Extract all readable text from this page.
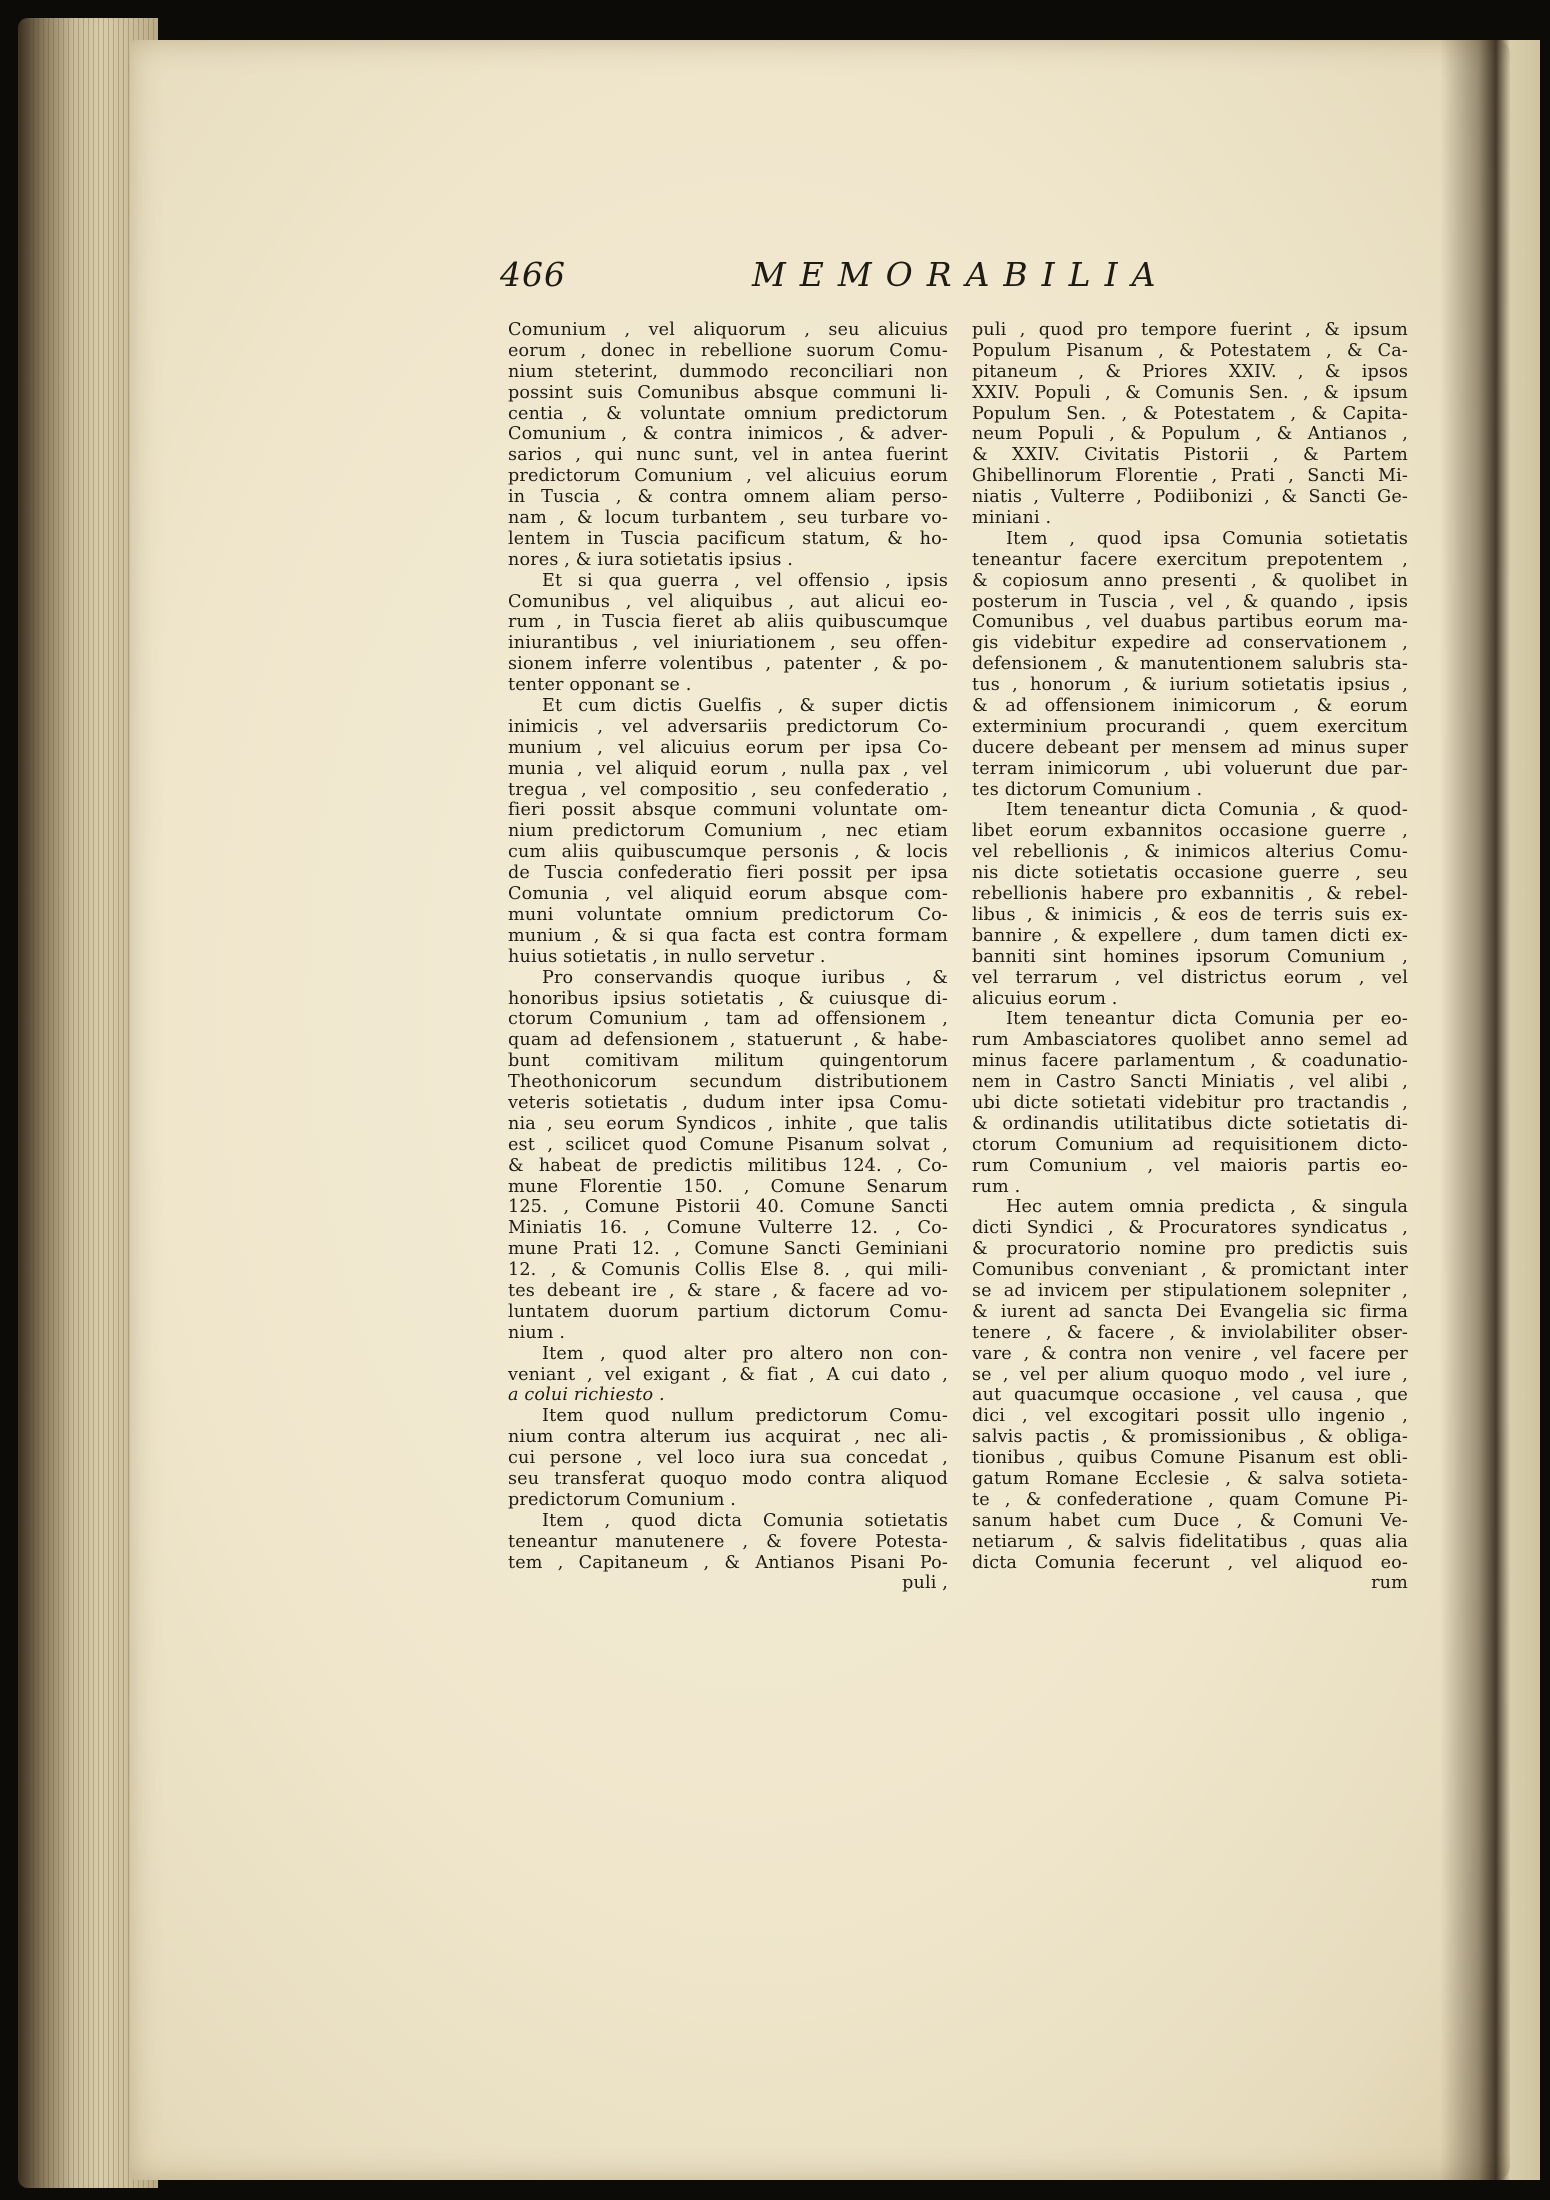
466	MEMORABILIA
Comunium , vel aliquorum , seu alicuius
eorum , donec in rebellione suorum Comu-
nium steterint, dummodo reconciliari non
possint suis Comunibus absque communi li-
centia , & voluntate omnium predictorum
Comunium , & contra inimicos , & adver-
sarios , qui nunc sunt, vel in antea fuerint
predictorum Comunium , vel alicuius eorum
in Tuscia , & contra omnem aliam perso-
nam , & locum turbantem , seu turbare vo-
lentem in Tuscia pacificum statum, & ho-
nores , & iura sotietatis ipsius .
Et si qua guerra , vel offensio , ipsis
Comunibus , vel aliquibus , aut alicui eo-
rum , in Tuscia fieret ab aliis quibuscumque
iniurantibus , vel iniuriationem , seu offen-
sionem inferre volentibus , patenter , & po-
tenter opponant se .
Et cum dictis Guelfis , & super dictis
inimicis , vel adversariis predictorum Co-
munium , vel alicuius eorum per ipsa Co-
munia , vel aliquid eorum , nulla pax , vel
tregua , vel compositio , seu confederatio ,
fieri possit absque communi voluntate om-
nium predictorum Comunium , nec etiam
cum aliis quibuscumque personis , & locis
de Tuscia confederatio fieri possit per ipsa
Comunia , vel aliquid eorum absque com-
muni voluntate omnium predictorum Co-
munium , & si qua facta est contra formam
huius sotietatis , in nullo servetur .
Pro conservandis quoque iuribus , &
honoribus ipsius sotietatis , & cuiusque di-
ctorum Comunium , tam ad offensionem ,
quam ad defensionem , statuerunt , & habe-
bunt comitivam militum quingentorum
Theothonicorum secundum distributionem
veteris sotietatis , dudum inter ipsa Comu-
nia , seu eorum Syndicos , inhite , que talis
est , scilicet quod Comune Pisanum solvat ,
& habeat de predictis militibus 124. , Co-
mune Florentie 150. , Comune Senarum
125. , Comune Pistorii 40. Comune Sancti
Miniatis 16. , Comune Vulterre 12. , Co-
mune Prati 12. , Comune Sancti Geminiani
12. , & Comunis Collis Else 8. , qui mili-
tes debeant ire , & stare , & facere ad vo-
luntatem duorum partium dictorum Comu-
nium .
Item , quod alter pro altero non con-
veniant , vel exigant , & fiat , A cui dato ,
a colui richiesto .
Item quod nullum predictorum Comu-
nium contra alterum ius acquirat , nec ali-
cui persone , vel loco iura sua concedat ,
seu transferat quoquo modo contra aliquod
predictorum Comunium .
Item , quod dicta Comunia sotietatis
teneantur manutenere , & fovere Potesta-
tem , Capitaneum , & Antianos Pisani Po-
puli ,
puli , quod pro tempore fuerint , & ipsum
Populum Pisanum , & Potestatem , & Ca-
pitaneum , & Priores XXIV. , & ipsos
XXIV. Populi , & Comunis Sen. , & ipsum
Populum Sen. , & Potestatem , & Capita-
neum Populi , & Populum , & Antianos ,
& XXIV. Civitatis Pistorii , & Partem
Ghibellinorum Florentie , Prati , Sancti Mi-
niatis , Vulterre , Podiibonizi , & Sancti Ge-
miniani .
Item , quod ipsa Comunia sotietatis
teneantur facere exercitum prepotentem ,
& copiosum anno presenti , & quolibet in
posterum in Tuscia , vel , & quando , ipsis
Comunibus , vel duabus partibus eorum ma-
gis videbitur expedire ad conservationem ,
defensionem , & manutentionem salubris sta-
tus , honorum , & iurium sotietatis ipsius ,
& ad offensionem inimicorum , & eorum
exterminium procurandi , quem exercitum
ducere debeant per mensem ad minus super
terram inimicorum , ubi voluerunt due par-
tes dictorum Comunium .
Item teneantur dicta Comunia , & quod-
libet eorum exbannitos occasione guerre ,
vel rebellionis , & inimicos alterius Comu-
nis dicte sotietatis occasione guerre , seu
rebellionis habere pro exbannitis , & rebel-
libus , & inimicis , & eos de terris suis ex-
bannire , & expellere , dum tamen dicti ex-
banniti sint homines ipsorum Comunium ,
vel terrarum , vel districtus eorum , vel
alicuius eorum .
Item teneantur dicta Comunia per eo-
rum Ambasciatores quolibet anno semel ad
minus facere parlamentum , & coadunatio-
nem in Castro Sancti Miniatis , vel alibi ,
ubi dicte sotietati videbitur pro tractandis ,
& ordinandis utilitatibus dicte sotietatis di-
ctorum Comunium ad requisitionem dicto-
rum Comunium , vel maioris partis eo-
rum .
Hec autem omnia predicta , & singula
dicti Syndici , & Procuratores syndicatus ,
& procuratorio nomine pro predictis suis
Comunibus conveniant , & promictant inter
se ad invicem per stipulationem solepniter ,
& iurent ad sancta Dei Evangelia sic firma
tenere , & facere , & inviolabiliter obser-
vare , & contra non venire , vel facere per
se , vel per alium quoquo modo , vel iure ,
aut quacumque occasione , vel causa , que
dici , vel excogitari possit ullo ingenio ,
salvis pactis , & promissionibus , & obliga-
tionibus , quibus Comune Pisanum est obli-
gatum Romane Ecclesie , & salva sotieta-
te , & confederatione , quam Comune Pi-
sanum habet cum Duce , & Comuni Ve-
netiarum , & salvis fidelitatibus , quas alia
dicta Comunia fecerunt , vel aliquod eo-
rum
